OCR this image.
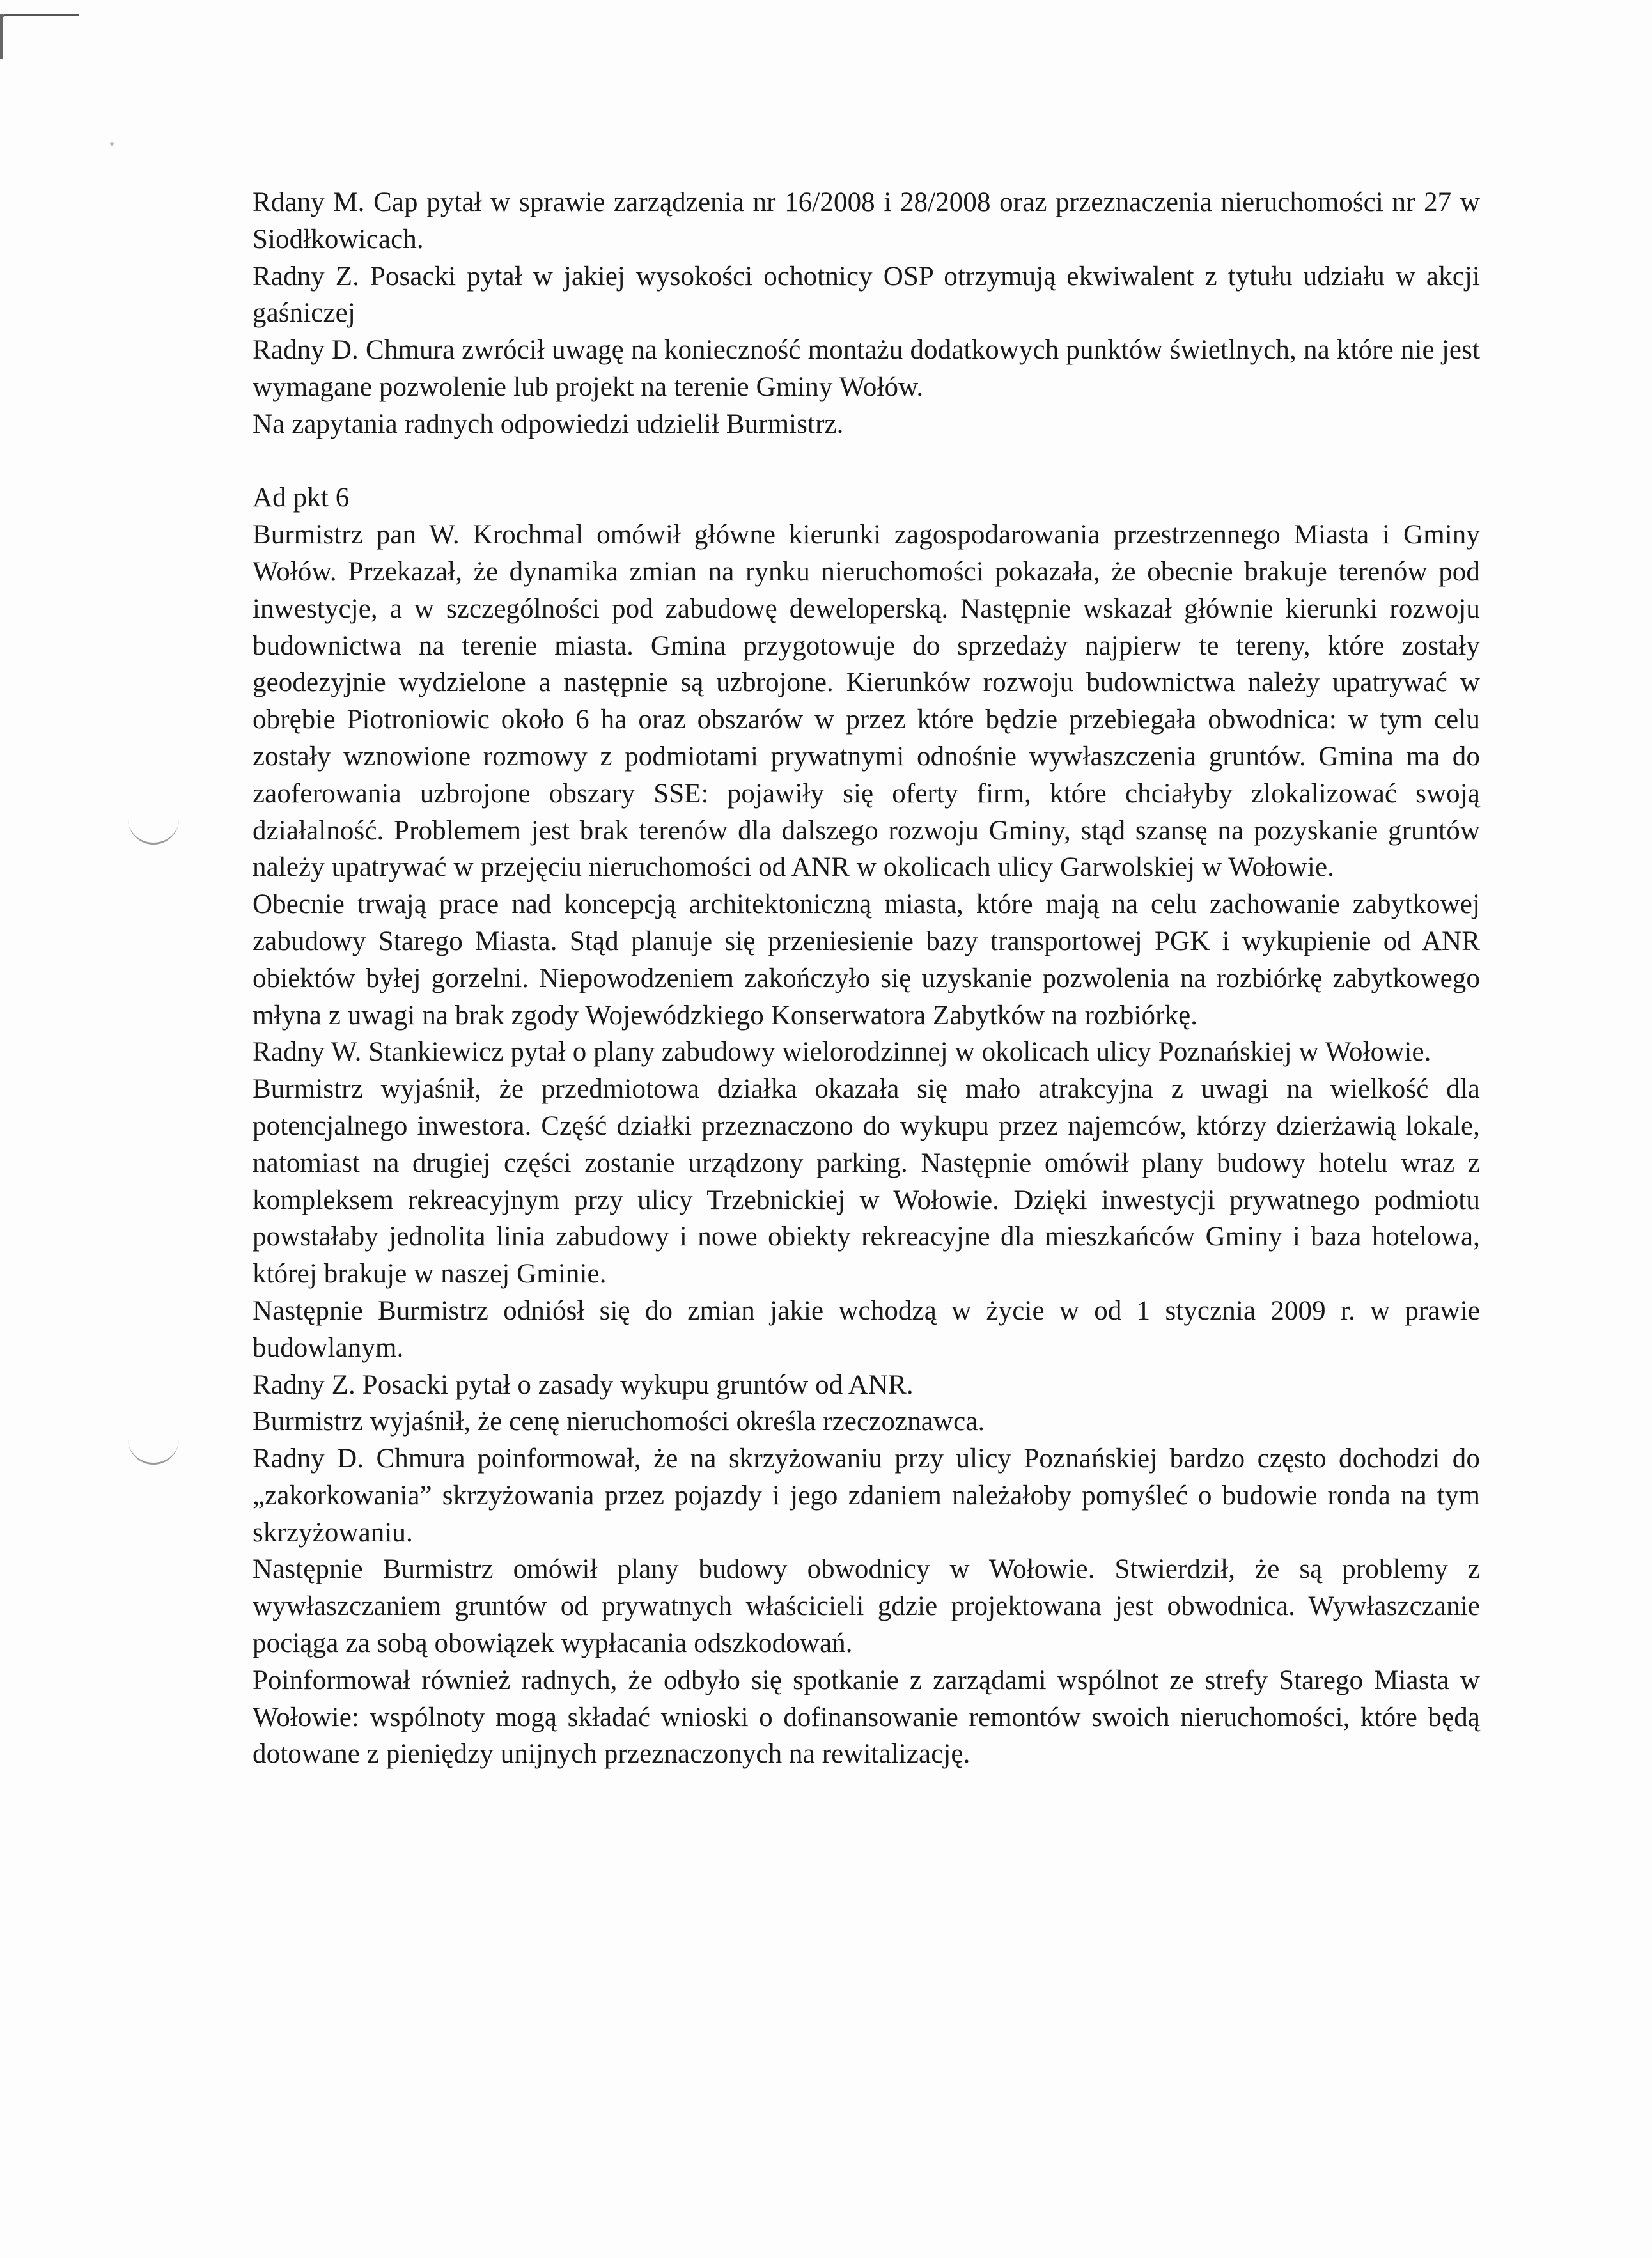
Rdany M. Cap pytał w sprawie zarządzenia nr 16/2008 i 28/2008 oraz przeznaczenia nieruchomości nr 27 w Siodłkowicach.

Radny Z. Posacki pytał w jakiej wysokości ochotnicy OSP otrzymują ekwiwalent z tytułu udziału w akcji gaśniczej

Radny D. Chmura zwrócił uwagę na konieczność montażu dodatkowych punktów świetlnych, na które nie jest wymagane pozwolenie lub projekt na terenie Gminy Wołów.

Na zapytania radnych odpowiedzi udzielił Burmistrz.

Ad pkt 6

Burmistrz pan W. Krochmal omówił główne kierunki zagospodarowania przestrzennego Miasta i Gminy Wołów. Przekazał, że dynamika zmian na rynku nieruchomości pokazała, że obecnie brakuje terenów pod inwestycje, a w szczególności pod zabudowę deweloperską. Następnie wskazał głównie kierunki rozwoju budownictwa na terenie miasta. Gmina przygotowuje do sprzedaży najpierw te tereny, które zostały geodezyjnie wydzielone a następnie są uzbrojone. Kierunków rozwoju budownictwa należy upatrywać w obrębie Piotroniowic około 6 ha oraz obszarów w przez które będzie przebiegała obwodnica: w tym celu zostały wznowione rozmowy z podmiotami prywatnymi odnośnie wywłaszczenia gruntów. Gmina ma do zaoferowania uzbrojone obszary SSE: pojawiły się oferty firm, które chciałyby zlokalizować swoją działalność. Problemem jest brak terenów dla dalszego rozwoju Gminy, stąd szansę na pozyskanie gruntów należy upatrywać w przejęciu nieruchomości od ANR w okolicach ulicy Garwolskiej w Wołowie.

Obecnie trwają prace nad koncepcją architektoniczną miasta, które mają na celu zachowanie zabytkowej zabudowy Starego Miasta. Stąd planuje się przeniesienie bazy transportowej PGK i wykupienie od ANR obiektów byłej gorzelni. Niepowodzeniem zakończyło się uzyskanie pozwolenia na rozbiórkę zabytkowego młyna z uwagi na brak zgody Wojewódzkiego Konserwatora Zabytków na rozbiórkę.

Radny W. Stankiewicz pytał o plany zabudowy wielorodzinnej w okolicach ulicy Poznańskiej w Wołowie.

Burmistrz wyjaśnił, że przedmiotowa działka okazała się mało atrakcyjna z uwagi na wielkość dla potencjalnego inwestora. Część działki przeznaczono do wykupu przez najemców, którzy dzierżawią lokale, natomiast na drugiej części zostanie urządzony parking. Następnie omówił plany budowy hotelu wraz z kompleksem rekreacyjnym przy ulicy Trzebnickiej w Wołowie. Dzięki inwestycji prywatnego podmiotu powstałaby jednolita linia zabudowy i nowe obiekty rekreacyjne dla mieszkańców Gminy i baza hotelowa, której brakuje w naszej Gminie.

Następnie Burmistrz odniósł się do zmian jakie wchodzą w życie w od 1 stycznia 2009 r. w prawie budowlanym.

Radny Z. Posacki pytał o zasady wykupu gruntów od ANR.

Burmistrz wyjaśnił, że cenę nieruchomości określa rzeczoznawca.

Radny D. Chmura poinformował, że na skrzyżowaniu przy ulicy Poznańskiej bardzo często dochodzi do „zakorkowania” skrzyżowania przez pojazdy i jego zdaniem należałoby pomyśleć o budowie ronda na tym skrzyżowaniu.

Następnie Burmistrz omówił plany budowy obwodnicy w Wołowie. Stwierdził, że są problemy z wywłaszczaniem gruntów od prywatnych właścicieli gdzie projektowana jest obwodnica. Wywłaszczanie pociąga za sobą obowiązek wypłacania odszkodowań.

Poinformował również radnych, że odbyło się spotkanie z zarządami wspólnot ze strefy Starego Miasta w Wołowie: wspólnoty mogą składać wnioski o dofinansowanie remontów swoich nieruchomości, które będą dotowane z pieniędzy unijnych przeznaczonych na rewitalizację.
